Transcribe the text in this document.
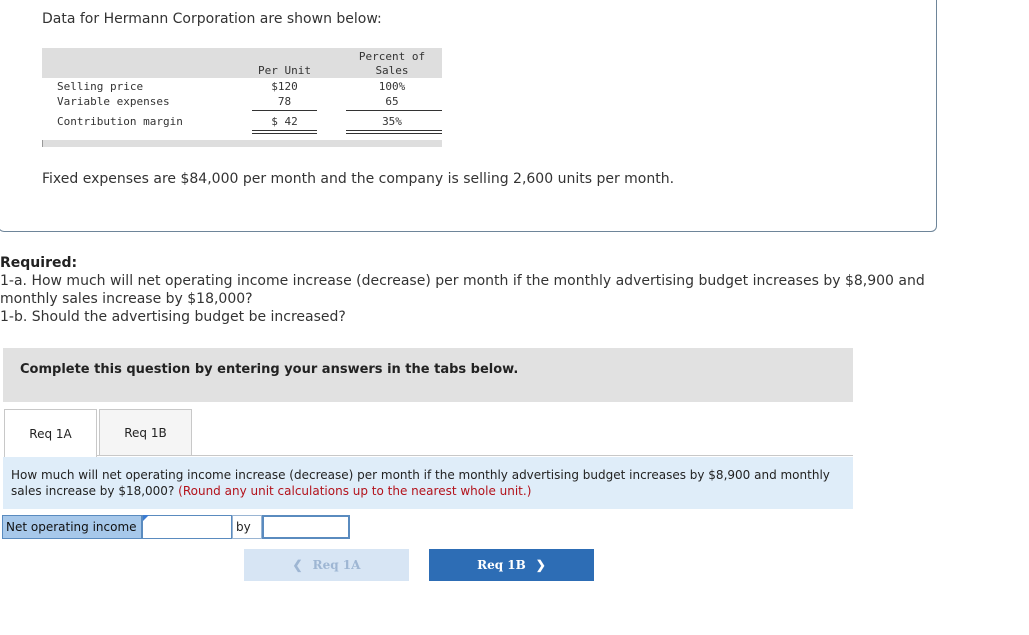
Data for Hermann Corporation are shown below:
Per Unit
Percent of
Sales
Selling price	$120	100%
Variable expenses	78	65
Contribution margin	$ 42	35%
Fixed expenses are $84,000 per month and the company is selling 2,600 units per month.
Required:
1-a. How much will net operating income increase (decrease) per month if the monthly advertising budget increases by $8,900 and monthly sales increase by $18,000?
1-b. Should the advertising budget be increased?
Complete this question by entering your answers in the tabs below.
Req 1A	Req 1B
How much will net operating income increase (decrease) per month if the monthly advertising budget increases by $8,900 and monthly sales increase by $18,000? (Round any unit calculations up to the nearest whole unit.)
Net operating income	by
❮ Req 1A	Req 1B ❯
